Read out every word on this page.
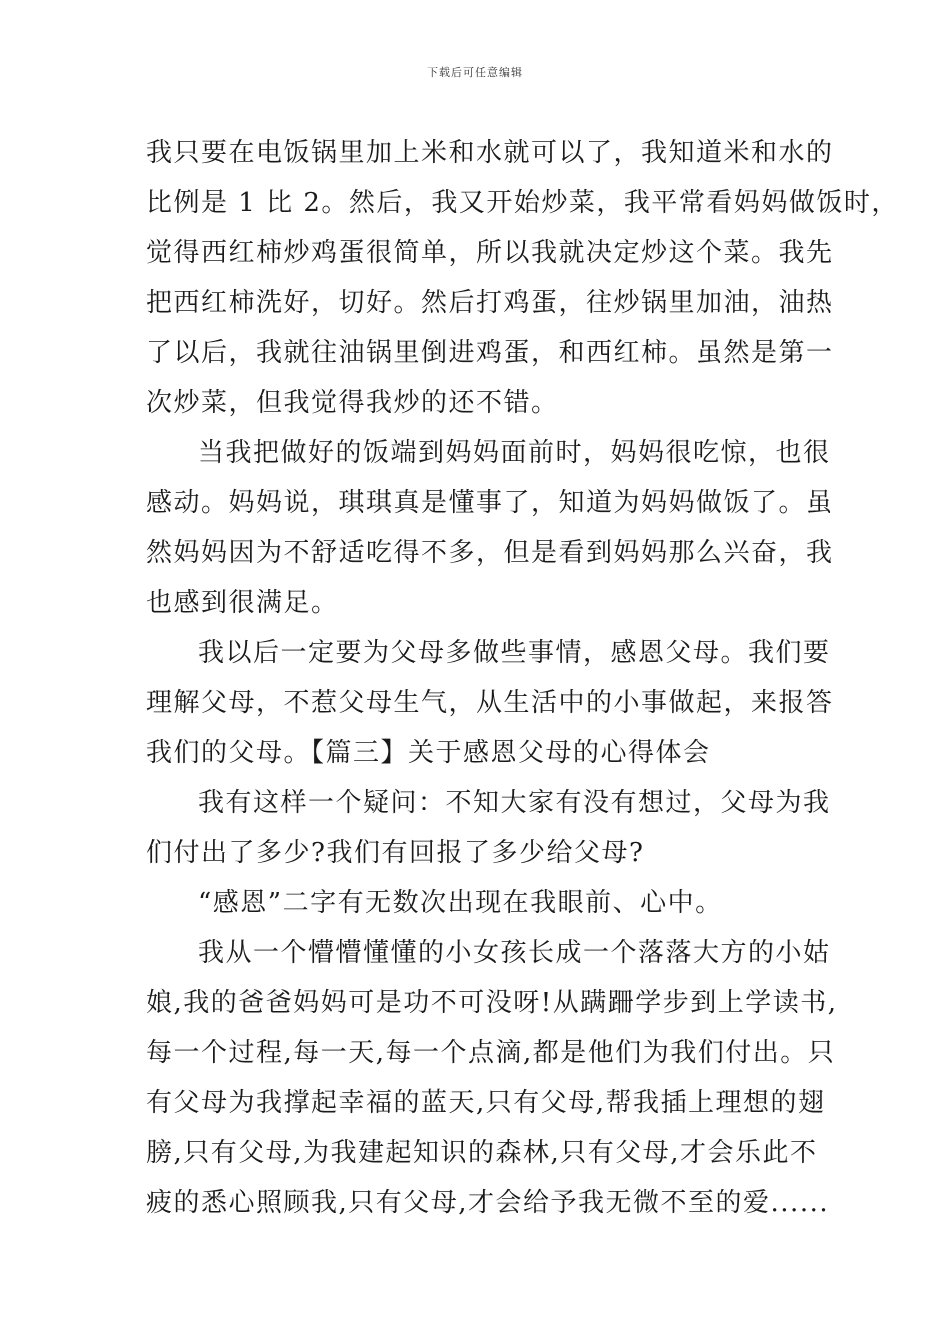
下载后可任意编辑
我只要在电饭锅里加上米和水就可以了，我知道米和水的
比例是 1 比 2。然后，我又开始炒菜，我平常看妈妈做饭时，
觉得西红柿炒鸡蛋很简单，所以我就决定炒这个菜。我先
把西红柿洗好，切好。然后打鸡蛋，往炒锅里加油，油热
了以后，我就往油锅里倒进鸡蛋，和西红柿。虽然是第一
次炒菜，但我觉得我炒的还不错。
当我把做好的饭端到妈妈面前时，妈妈很吃惊，也很
感动。妈妈说，琪琪真是懂事了，知道为妈妈做饭了。虽
然妈妈因为不舒适吃得不多，但是看到妈妈那么兴奋，我
也感到很满足。
我以后一定要为父母多做些事情，感恩父母。我们要
理解父母，不惹父母生气，从生活中的小事做起，来报答
我们的父母。【篇三】关于感恩父母的心得体会
我有这样一个疑问：不知大家有没有想过，父母为我
们付出了多少?我们有回报了多少给父母?
“感恩”二字有无数次出现在我眼前、心中。
我从一个懵懵懂懂的小女孩长成一个落落大方的小姑
娘,我的爸爸妈妈可是功不可没呀!从蹒跚学步到上学读书,
每一个过程,每一天,每一个点滴,都是他们为我们付出。只
有父母为我撑起幸福的蓝天,只有父母,帮我插上理想的翅
膀,只有父母,为我建起知识的森林,只有父母,才会乐此不
疲的悉心照顾我,只有父母,才会给予我无微不至的爱......
